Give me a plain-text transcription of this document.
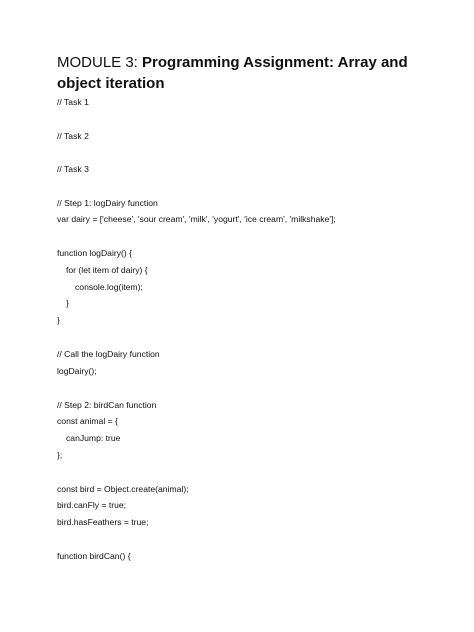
MODULE 3: Programming Assignment: Array and object iteration
// Task 1
// Task 2
// Task 3
// Step 1: logDairy function
var dairy = ['cheese', 'sour cream', 'milk', 'yogurt', 'ice cream', 'milkshake'];
function logDairy() {
for (let item of dairy) {
console.log(item);
}
}
// Call the logDairy function
logDairy();
// Step 2: birdCan function
const animal = {
canJump: true
};
const bird = Object.create(animal);
bird.canFly = true;
bird.hasFeathers = true;
function birdCan() {
